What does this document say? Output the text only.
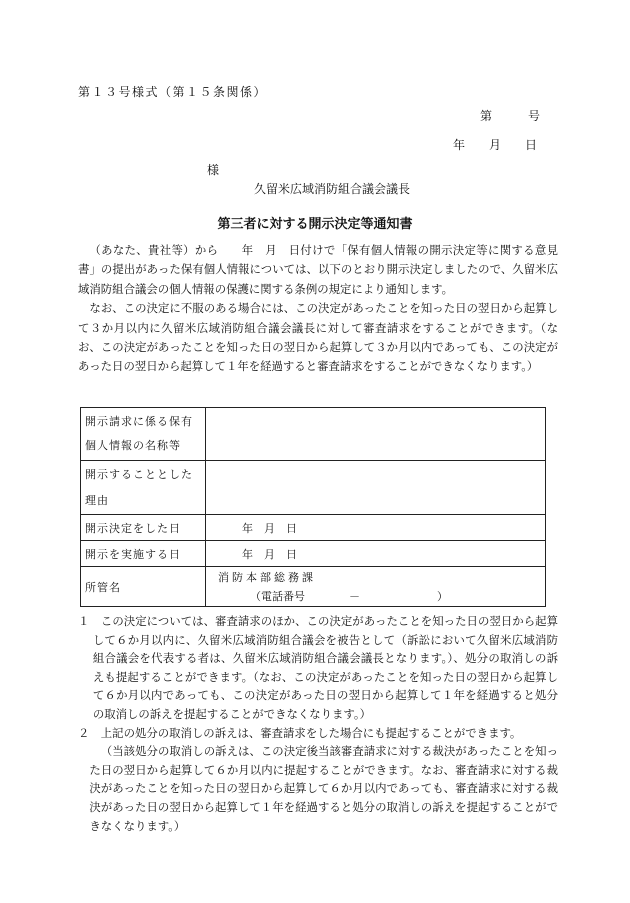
第１３号様式（第１５条関係）
第　　　号
年　　月　　日
様
久留米広域消防組合議会議長
第三者に対する開示決定等通知書

（あなた、貴社等）から　　年　月　日付けで「保有個人情報の開示決定等に関する意見書」の提出があった保有個人情報については、以下のとおり開示決定しましたので、久留米広域消防組合議会の個人情報の保護に関する条例の規定により通知します。

なお、この決定に不服のある場合には、この決定があったことを知った日の翌日から起算して３か月以内に久留米広域消防組合議会議長に対して審査請求をすることができます。（なお、この決定があったことを知った日の翌日から起算して３か月以内であっても、この決定があった日の翌日から起算して１年を経過すると審査請求をすることができなくなります。）

開示請求に係る保有個人情報の名称等	
開示することとした理由	
開示決定をした日	年　月　日
開示を実施する日	年　月　日
所管名	消防本部総務課
（電話番号　　　　－　　　　　　　）
１　この決定については、審査請求のほか、この決定があったことを知った日の翌日から起算して６か月以内に、久留米広域消防組合議会を被告として（訴訟において久留米広域消防組合議会を代表する者は、久留米広域消防組合議会議長となります。）、処分の取消しの訴えも提起することができます。（なお、この決定があったことを知った日の翌日から起算して６か月以内であっても、この決定があった日の翌日から起算して１年を経過すると処分の取消しの訴えを提起することができなくなります。）
２　上記の処分の取消しの訴えは、審査請求をした場合にも提起することができます。
（当該処分の取消しの訴えは、この決定後当該審査請求に対する裁決があったことを知った日の翌日から起算して６か月以内に提起することができます。なお、審査請求に対する裁決があったことを知った日の翌日から起算して６か月以内であっても、審査請求に対する裁決があった日の翌日から起算して１年を経過すると処分の取消しの訴えを提起することができなくなります。）
